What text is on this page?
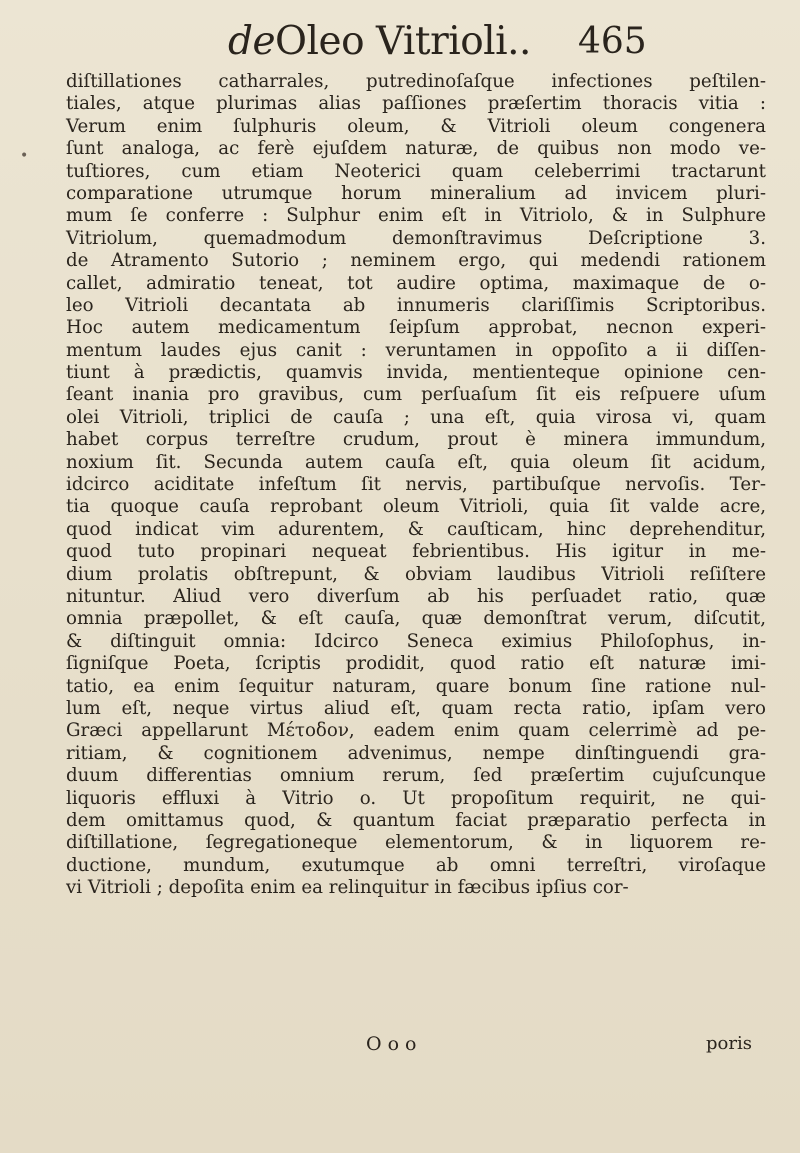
deOleo Vitrioli.. 465
•
diſtillationes catharrales, putredinoſaſque infectiones peſtilen-
tiales, atque plurimas alias paſſiones præſertim thoracis vitia :
Verum enim ſulphuris oleum, & Vitrioli oleum congenera
ſunt analoga, ac ferè ejuſdem naturæ, de quibus non modo ve-
tuſtiores, cum etiam Neoterici quam celeberrimi tractarunt
comparatione utrumque horum mineralium ad invicem pluri-
mum ſe conferre : Sulphur enim eſt in Vitriolo, & in Sulphure
Vitriolum, quemadmodum demonſtravimus Deſcriptione 3.
de Atramento Sutorio ; neminem ergo, qui medendi rationem
callet, admiratio teneat, tot audire optima, maximaque de o-
leo Vitrioli decantata ab innumeris clariſſimis Scriptoribus.
Hoc autem medicamentum ſeipſum approbat, necnon experi-
mentum laudes ejus canit : veruntamen in oppoſito a ii diſſen-
tiunt à prædictis, quamvis invida, mentienteque opinione cen-
ſeant inania pro gravibus, cum perſuaſum ſit eis reſpuere uſum
olei Vitrioli, triplici de cauſa ; una eſt, quia virosa vi, quam
habet corpus terreſtre crudum, prout è minera immundum,
noxium ſit. Secunda autem cauſa eſt, quia oleum ſit acidum,
idcirco aciditate infeſtum ſit nervis, partibuſque nervoſis. Ter-
tia quoque cauſa reprobant oleum Vitrioli, quia ſit valde acre,
quod indicat vim adurentem, & cauſticam, hinc deprehenditur,
quod tuto propinari nequeat febrientibus. His igitur in me-
dium prolatis obſtrepunt, & obviam laudibus Vitrioli reſiſtere
nituntur. Aliud vero diverſum ab his perſuadet ratio, quæ
omnia præpollet, & eſt cauſa, quæ demonſtrat verum, diſcutit,
& diſtinguit omnia: Idcirco Seneca eximius Philoſophus, in-
ſigniſque Poeta, ſcriptis prodidit, quod ratio eſt naturæ imi-
tatio, ea enim ſequitur naturam, quare bonum ſine ratione nul-
lum eſt, neque virtus aliud eſt, quam recta ratio, ipſam vero
Græci appellarunt Μέτοδον, eadem enim quam celerrimè ad pe-
ritiam, & cognitionem advenimus, nempe dinſtinguendi gra-
duum differentias omnium rerum, ſed præſertim cujuſcunque
liquoris effluxi à Vitrio o. Ut propoſitum requirit, ne qui-
dem omittamus quod, & quantum faciat præparatio perfecta in
diſtillatione, ſegregationeque elementorum, & in liquorem re-
ductione, mundum, exutumque ab omni terreſtri, viroſaque
vi Vitrioli ; depoſita enim ea relinquitur in fæcibus ipſius cor-
Ooo	poris
